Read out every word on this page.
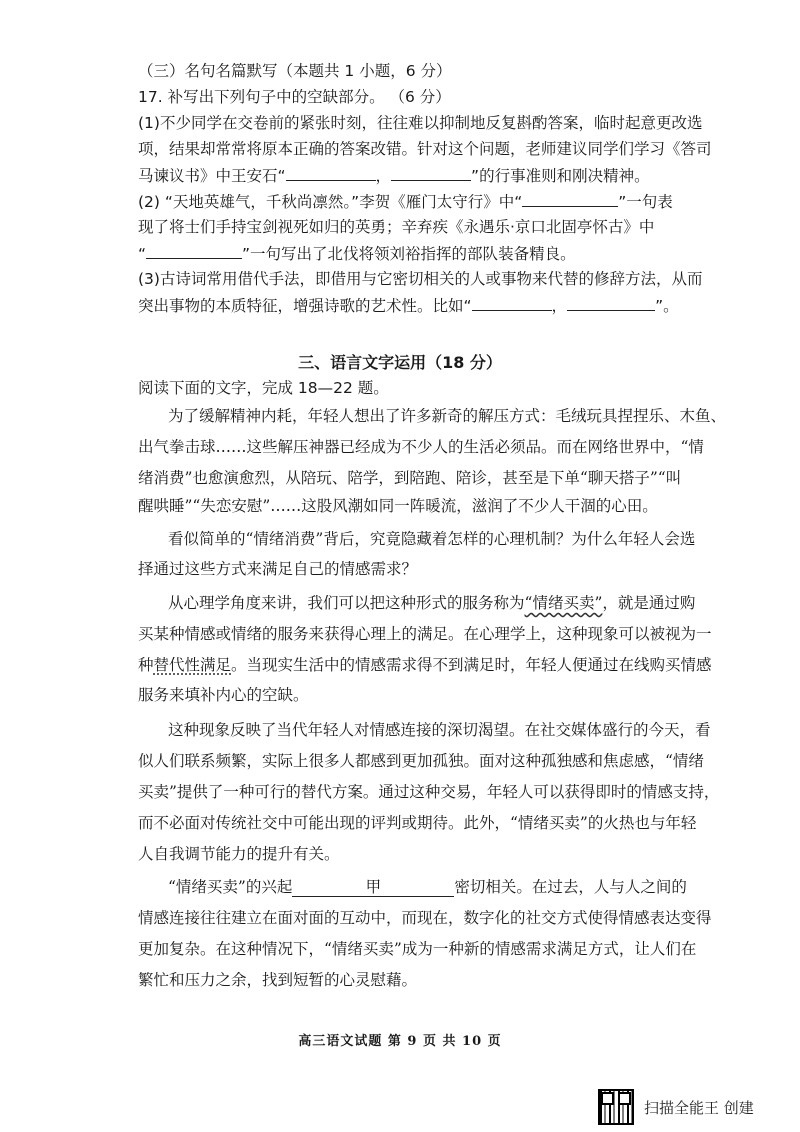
（三）名句名篇默写（本题共 1 小题，6 分）
17. 补写出下列句子中的空缺部分。 （6 分）
(1)不少同学在交卷前的紧张时刻，往往难以抑制地反复斟酌答案，临时起意更改选
项，结果却常常将原本正确的答案改错。针对这个问题，老师建议同学们学习《答司
马谏议书》中王安石“	，	”的行事准则和刚决精神。
(2) “天地英雄气，千秋尚凛然。”李贺《雁门太守行》中“	”一句表
现了将士们手持宝剑视死如归的英勇；辛弃疾《永遇乐·京口北固亭怀古》中
“	”一句写出了北伐将领刘裕指挥的部队装备精良。
(3)古诗词常用借代手法，即借用与它密切相关的人或事物来代替的修辞方法，从而
突出事物的本质特征，增强诗歌的艺术性。比如“	，	”。
三、语言文字运用（18 分）
阅读下面的文字，完成 18—22 题。
为了缓解精神内耗，年轻人想出了许多新奇的解压方式：毛绒玩具捏捏乐、木鱼、
出气拳击球……这些解压神器已经成为不少人的生活必须品。而在网络世界中，“情
绪消费”也愈演愈烈，从陪玩、陪学，到陪跑、陪诊，甚至是下单“聊天搭子”“叫
醒哄睡”“失恋安慰”……这股风潮如同一阵暖流，滋润了不少人干涸的心田。
看似简单的“情绪消费”背后，究竟隐藏着怎样的心理机制？为什么年轻人会选
择通过这些方式来满足自己的情感需求？
从心理学角度来讲，我们可以把这种形式的服务称为“情绪买卖”，就是通过购
买某种情感或情绪的服务来获得心理上的满足。在心理学上，这种现象可以被视为一
种替代性满足。当现实生活中的情感需求得不到满足时，年轻人便通过在线购买情感
服务来填补内心的空缺。
这种现象反映了当代年轻人对情感连接的深切渴望。在社交媒体盛行的今天，看
似人们联系频繁，实际上很多人都感到更加孤独。面对这种孤独感和焦虑感，“情绪
买卖”提供了一种可行的替代方案。通过这种交易，年轻人可以获得即时的情感支持，
而不必面对传统社交中可能出现的评判或期待。此外，“情绪买卖”的火热也与年轻
人自我调节能力的提升有关。
“情绪买卖”的兴起	甲	密切相关。在过去，人与人之间的
情感连接往往建立在面对面的互动中，而现在，数字化的社交方式使得情感表达变得
更加复杂。在这种情况下，“情绪买卖”成为一种新的情感需求满足方式，让人们在
繁忙和压力之余，找到短暂的心灵慰藉。
高三语文试题 第 9 页 共 10 页
扫描全能王 创建
